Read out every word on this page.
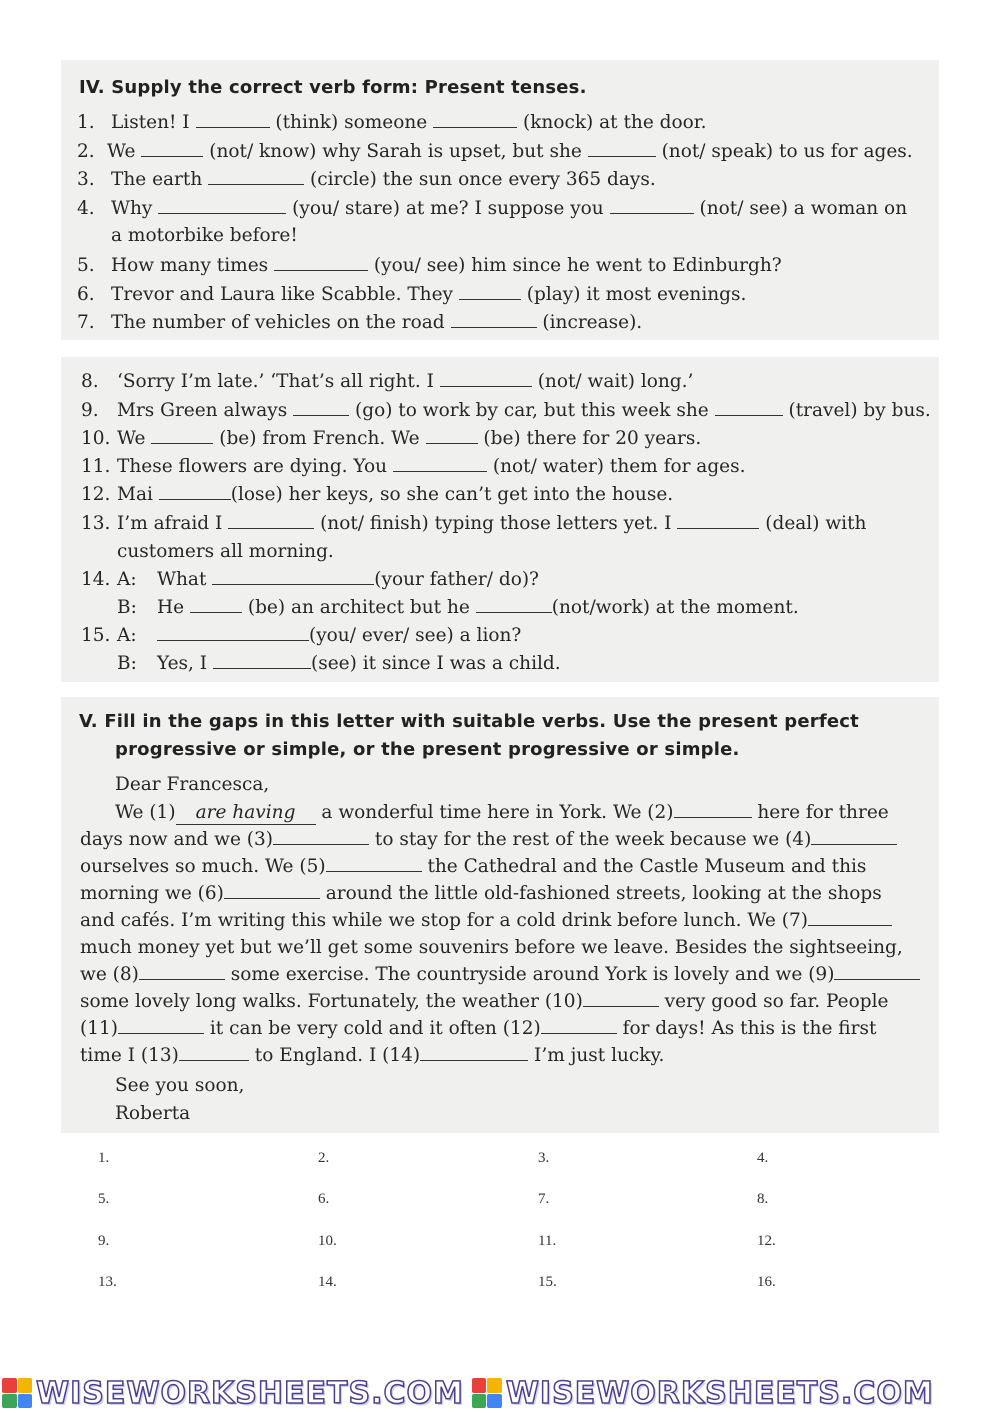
IV. Supply the correct verb form: Present tenses.
1. Listen! I	(think) someone	(knock) at the door.
2. We	(not/ know) why Sarah is upset, but she	(not/ speak) to us for ages.
3. The earth	(circle) the sun once every 365 days.
4. Why	(you/ stare) at me? I suppose you	(not/ see) a woman on
a motorbike before!
5. How many times	(you/ see) him since he went to Edinburgh?
6. Trevor and Laura like Scabble. They	(play) it most evenings.
7. The number of vehicles on the road	(increase).
8. ‘Sorry I’m late.’ ‘That’s all right. I	(not/ wait) long.’
9. Mrs Green always	(go) to work by car, but this week she	(travel) by bus.
10. We	(be) from French. We	(be) there for 20 years.
11. These flowers are dying. You	(not/ water) them for ages.
12. Mai	(lose) her keys, so she can’t get into the house.
13. I’m afraid I	(not/ finish) typing those letters yet. I	(deal) with
customers all morning.
14. A: What	(your father/ do)?
B: He	(be) an architect but he	(not/work) at the moment.
15. A:	(you/ ever/ see) a lion?
B: Yes, I	(see) it since I was a child.
V. Fill in the gaps in this letter with suitable verbs. Use the present perfect
progressive or simple, or the present progressive or simple.
Dear Francesca,
We (1) are having a wonderful time here in York. We (2)	here for three
days now and we (3)	to stay for the rest of the week because we (4)
ourselves so much. We (5)	the Cathedral and the Castle Museum and this
morning we (6)	around the little old-fashioned streets, looking at the shops
and cafés. I’m writing this while we stop for a cold drink before lunch. We (7)
much money yet but we’ll get some souvenirs before we leave. Besides the sightseeing,
we (8)	some exercise. The countryside around York is lovely and we (9)
some lovely long walks. Fortunately, the weather (10)	very good so far. People
(11)	it can be very cold and it often (12)	for days! As this is the first
time I (13)	to England. I (14)	I’m just lucky.
See you soon,
Roberta
1.	2.	3.	4.
5.	6.	7.	8.
9.	10.	11.	12.
13.	14.	15.	16.
WISEWORKSHEETS.COM WISEWORKSHEETS.COM
